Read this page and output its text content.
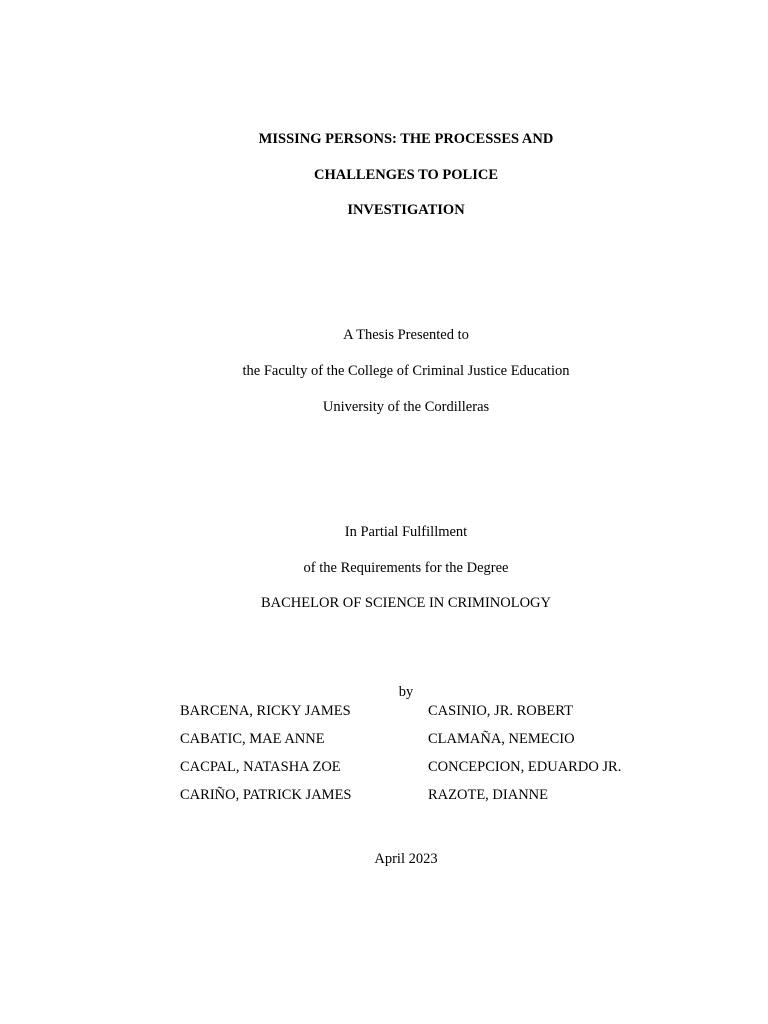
MISSING PERSONS: THE PROCESSES AND
CHALLENGES TO POLICE
INVESTIGATION
A Thesis Presented to
the Faculty of the College of Criminal Justice Education
University of the Cordilleras
In Partial Fulfillment
of the Requirements for the Degree
BACHELOR OF SCIENCE IN CRIMINOLOGY
by
BARCENA, RICKY JAMES
CABATIC, MAE ANNE
CACPAL, NATASHA ZOE
CARIÑO, PATRICK JAMES
CASINIO, JR. ROBERT
CLAMAÑA, NEMECIO
CONCEPCION, EDUARDO JR.
RAZOTE, DIANNE
April 2023
